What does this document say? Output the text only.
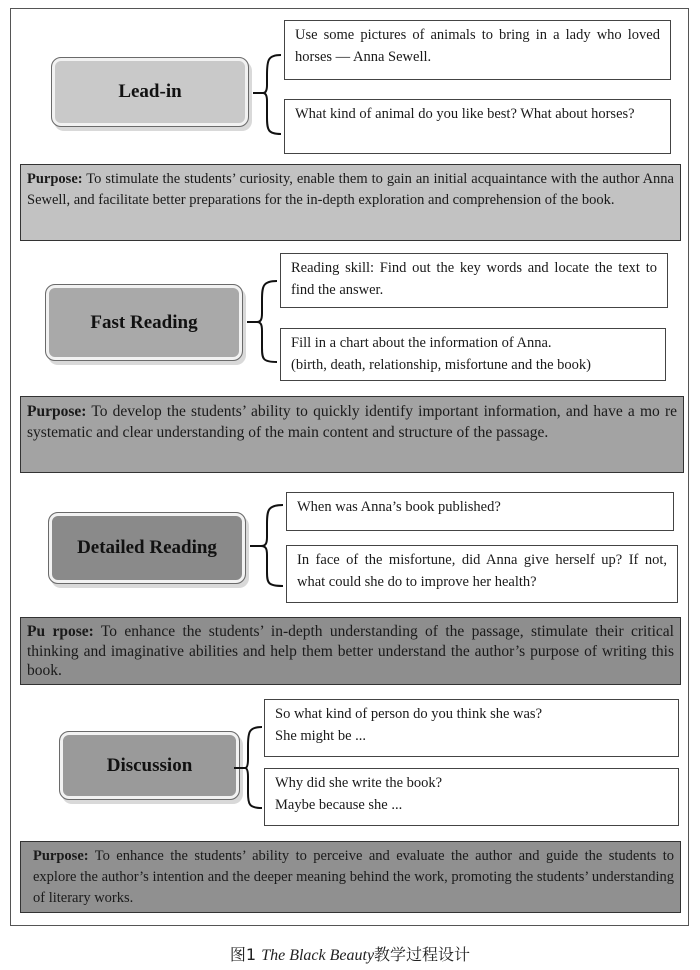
Lead-in
Use some pictures of animals to bring in a lady who loved horses — Anna Sewell.
What kind of animal do you like best? What about horses?
Purpose: To stimulate the students’ curiosity, enable them to gain an initial acquaintance with the author Anna Sewell, and facilitate better preparations for the in-depth exploration and comprehension of the book.
Fast Reading
Reading skill: Find out the key words and locate the text to find the answer.
Fill in a chart about the information of Anna.
(birth, death, relationship, misfortune and the book)
Purpose: To develop the students’ ability to quickly identify important information, and have a mo re systematic and clear understanding of the main content and structure of the passage.
Detailed Reading
When was Anna’s book published?
In face of the misfortune, did Anna give herself up? If not, what could she do to improve her health?
Pu rpose: To enhance the students’ in-depth understanding of the passage, stimulate their critical thinking and imaginative abilities and help them better understand the author’s purpose of writing this book.
Discussion
So what kind of person do you think she was?
She might be ...
Why did she write the book?
Maybe because she ...
Purpose: To enhance the students’ ability to perceive and evaluate the author and guide the students to explore the author’s intention and the deeper meaning behind the work, promoting the students’ understanding of literary works.
图1 The Black Beauty教学过程设计
